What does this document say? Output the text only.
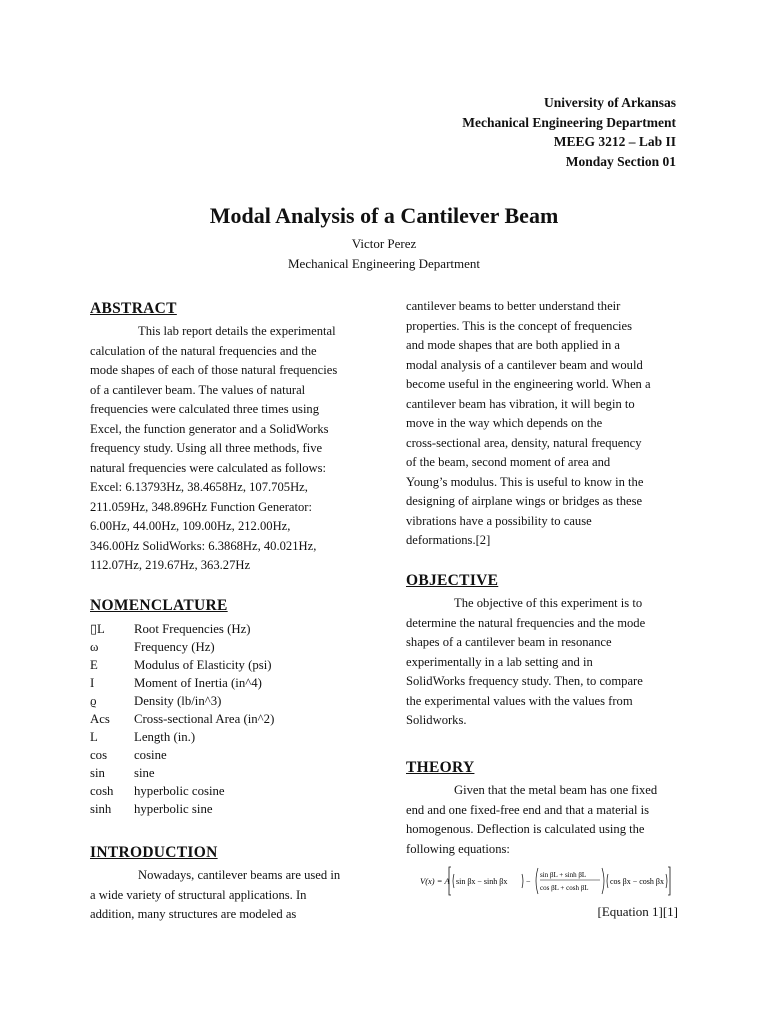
University of Arkansas
Mechanical Engineering Department
MEEG 3212 – Lab II
Monday Section 01
Modal Analysis of a Cantilever Beam
Victor Perez
Mechanical Engineering Department
ABSTRACT
This lab report details the experimental
calculation of the natural frequencies and the
mode shapes of each of those natural frequencies
of a cantilever beam. The values of natural
frequencies were calculated three times using
Excel, the function generator and a SolidWorks
frequency study. Using all three methods, five
natural frequencies were calculated as follows:
Excel: 6.13793Hz, 38.4658Hz, 107.705Hz,
211.059Hz, 348.896Hz Function Generator:
6.00Hz, 44.00Hz, 109.00Hz, 212.00Hz,
346.00Hz SolidWorks: 6.3868Hz, 40.021Hz,
112.07Hz, 219.67Hz, 363.27Hz
NOMENCLATURE
▯L	Root Frequencies (Hz)
ω	Frequency (Hz)
E	Modulus of Elasticity (psi)
I	Moment of Inertia (in^4)
ϱ	Density (lb/in^3)
Acs	Cross-sectional Area (in^2)
L	Length (in.)
cos	cosine
sin	sine
cosh	hyperbolic cosine
sinh	hyperbolic sine
INTRODUCTION
Nowadays, cantilever beams are used in
a wide variety of structural applications. In
addition, many structures are modeled as
cantilever beams to better understand their
properties. This is the concept of frequencies
and mode shapes that are both applied in a
modal analysis of a cantilever beam and would
become useful in the engineering world. When a
cantilever beam has vibration, it will begin to
move in the way which depends on the
cross-sectional area, density, natural frequency
of the beam, second moment of area and
Young’s modulus. This is useful to know in the
designing of airplane wings or bridges as these
vibrations have a possibility to cause
deformations.[2]
OBJECTIVE
The objective of this experiment is to
determine the natural frequencies and the mode
shapes of a cantilever beam in resonance
experimentally in a lab setting and in
SolidWorks frequency study. Then, to compare
the experimental values with the values from
Solidworks.
THEORY
Given that the metal beam has one fixed
end and one fixed-free end and that a material is
homogenous. Deflection is calculated using the
following equations:
V(x) = A sin βx − sinh βx −
sin βL + sinh βL
cos βL + cosh βL
cos βx − cosh βx
[Equation 1][1]
